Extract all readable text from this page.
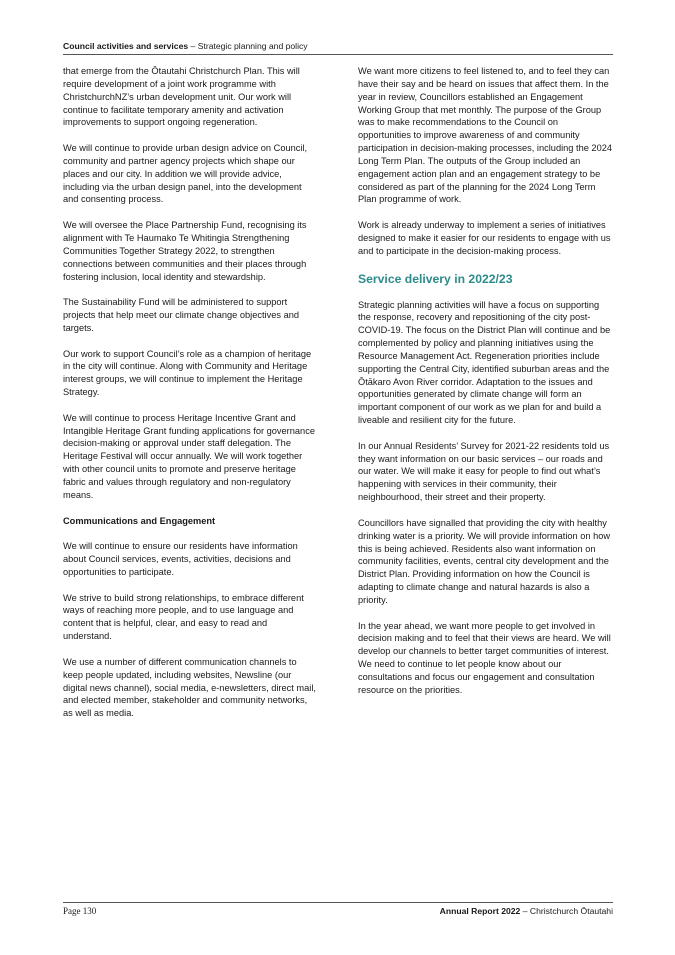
Council activities and services – Strategic planning and policy

that emerge from the Ōtautahi Christchurch Plan. This will require development of a joint work programme with ChristchurchNZ’s urban development unit. Our work will continue to facilitate temporary amenity and activation improvements to support ongoing regeneration.

We will continue to provide urban design advice on Council, community and partner agency projects which shape our places and our city. In addition we will provide advice, including via the urban design panel, into the development and consenting process.

We will oversee the Place Partnership Fund, recognising its alignment with Te Haumako Te Whitingia Strengthening Communities Together Strategy 2022, to strengthen connections between communities and their places through fostering inclusion, local identity and stewardship.

The Sustainability Fund will be administered to support projects that help meet our climate change objectives and targets.

Our work to support Council’s role as a champion of heritage in the city will continue. Along with Community and Heritage interest groups, we will continue to implement the Heritage Strategy.

We will continue to process Heritage Incentive Grant and Intangible Heritage Grant funding applications for governance decision-making or approval under staff delegation. The Heritage Festival will occur annually. We will work together with other council units to promote and preserve heritage fabric and values through regulatory and non-regulatory means.

Communications and Engagement

We will continue to ensure our residents have information about Council services, events, activities, decisions and opportunities to participate.

We strive to build strong relationships, to embrace different ways of reaching more people, and to use language and content that is helpful, clear, and easy to read and understand.

We use a number of different communication channels to keep people updated, including websites, Newsline (our digital news channel), social media, e-newsletters, direct mail, and elected member, stakeholder and community networks, as well as media.

We want more citizens to feel listened to, and to feel they can have their say and be heard on issues that affect them. In the year in review, Councillors established an Engagement Working Group that met monthly. The purpose of the Group was to make recommendations to the Council on opportunities to improve awareness of and community participation in decision-making processes, including the 2024 Long Term Plan. The outputs of the Group included an engagement action plan and an engagement strategy to be considered as part of the planning for the 2024 Long Term Plan programme of work.

Work is already underway to implement a series of initiatives designed to make it easier for our residents to engage with us and to participate in the decision-making process.

Service delivery in 2022/23

Strategic planning activities will have a focus on supporting the response, recovery and repositioning of the city post-COVID-19. The focus on the District Plan will continue and be complemented by policy and planning initiatives using the Resource Management Act. Regeneration priorities include supporting the Central City, identified suburban areas and the Ōtākaro Avon River corridor. Adaptation to the issues and opportunities generated by climate change will form an important component of our work as we plan for and build a liveable and resilient city for the future.

In our Annual Residents’ Survey for 2021-22 residents told us they want information on our basic services – our roads and our water. We will make it easy for people to find out what’s happening with services in their community, their neighbourhood, their street and their property.

Councillors have signalled that providing the city with healthy drinking water is a priority. We will provide information on how this is being achieved. Residents also want information on community facilities, events, central city development and the District Plan. Providing information on how the Council is adapting to climate change and natural hazards is also a priority.

In the year ahead, we want more people to get involved in decision making and to feel that their views are heard. We will develop our channels to better target communities of interest. We need to continue to let people know about our consultations and focus our engagement and consultation resource on the priorities.

Page 130	Annual Report 2022 – Christchurch Ōtautahi
